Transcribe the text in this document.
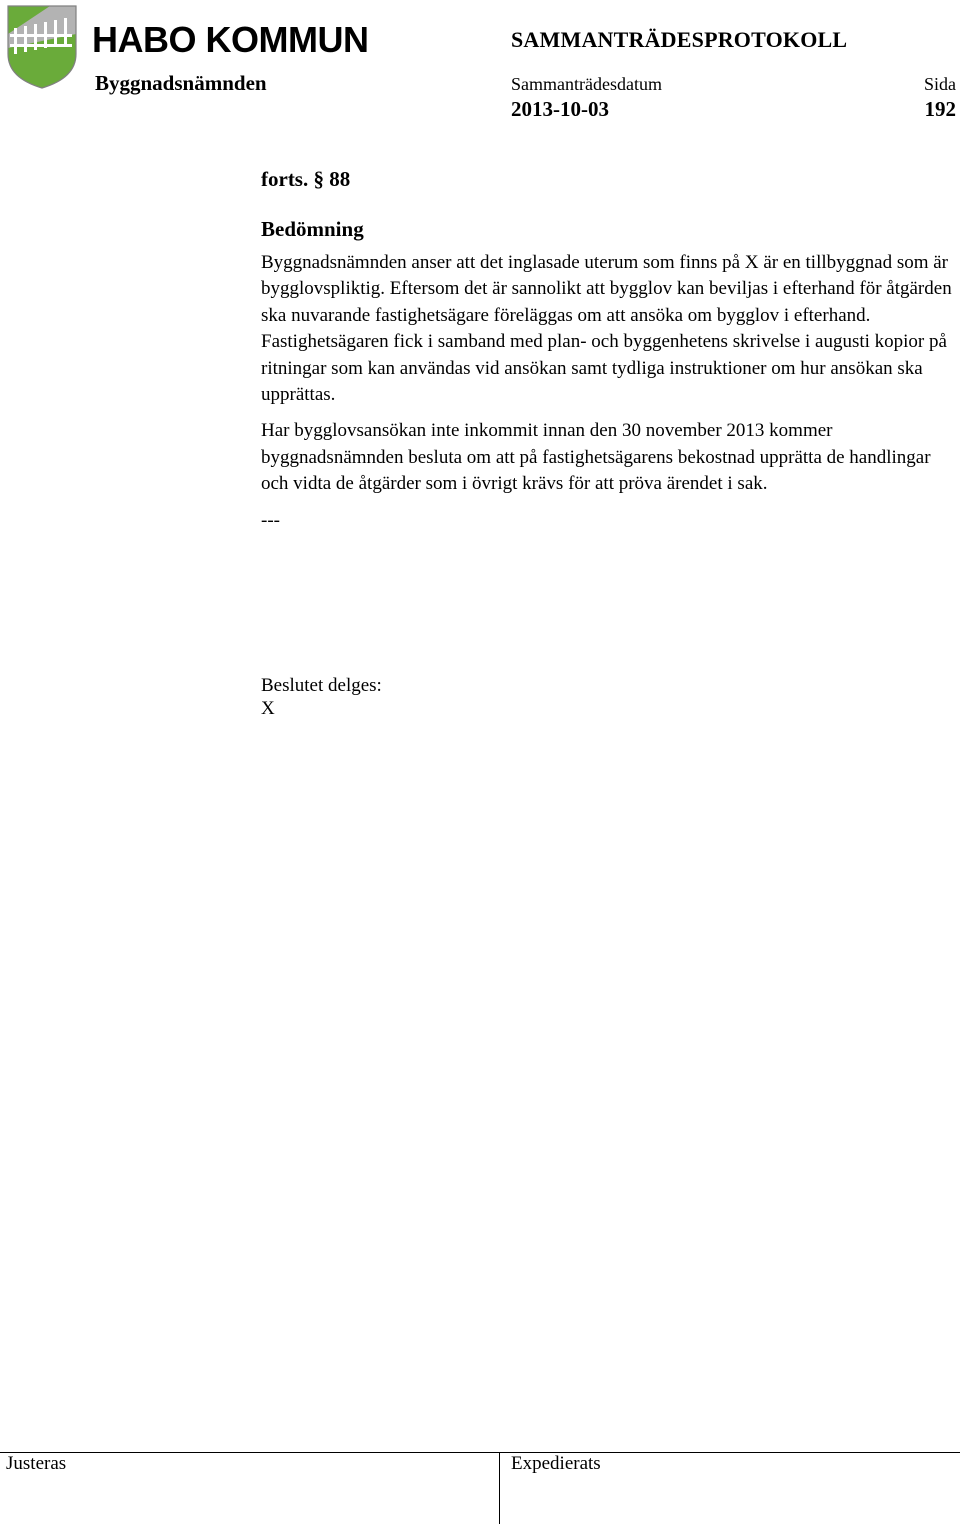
HABO KOMMUN
Byggnadsnämnden
SAMMANTRÄDESPROTOKOLL
Sammanträdesdatum
2013-10-03
Sida
192
forts. § 88
Bedömning

Byggnadsnämnden anser att det inglasade uterum som finns på X är en tillbyggnad som är bygglovspliktig. Eftersom det är sannolikt att bygglov kan beviljas i efterhand för åtgärden ska nuvarande fastighetsägare föreläggas om att ansöka om bygglov i efterhand. Fastighetsägaren fick i samband med plan- och byggenhetens skrivelse i augusti kopior på ritningar som kan användas vid ansökan samt tydliga instruktioner om hur ansökan ska upprättas.

Har bygglovsansökan inte inkommit innan den 30 november 2013 kommer byggnadsnämnden besluta om att på fastighetsägarens bekostnad upprätta de handlingar och vidta de åtgärder som i övrigt krävs för att pröva ärendet i sak.

---

Beslutet delges:
X
Justeras	Expedierats
